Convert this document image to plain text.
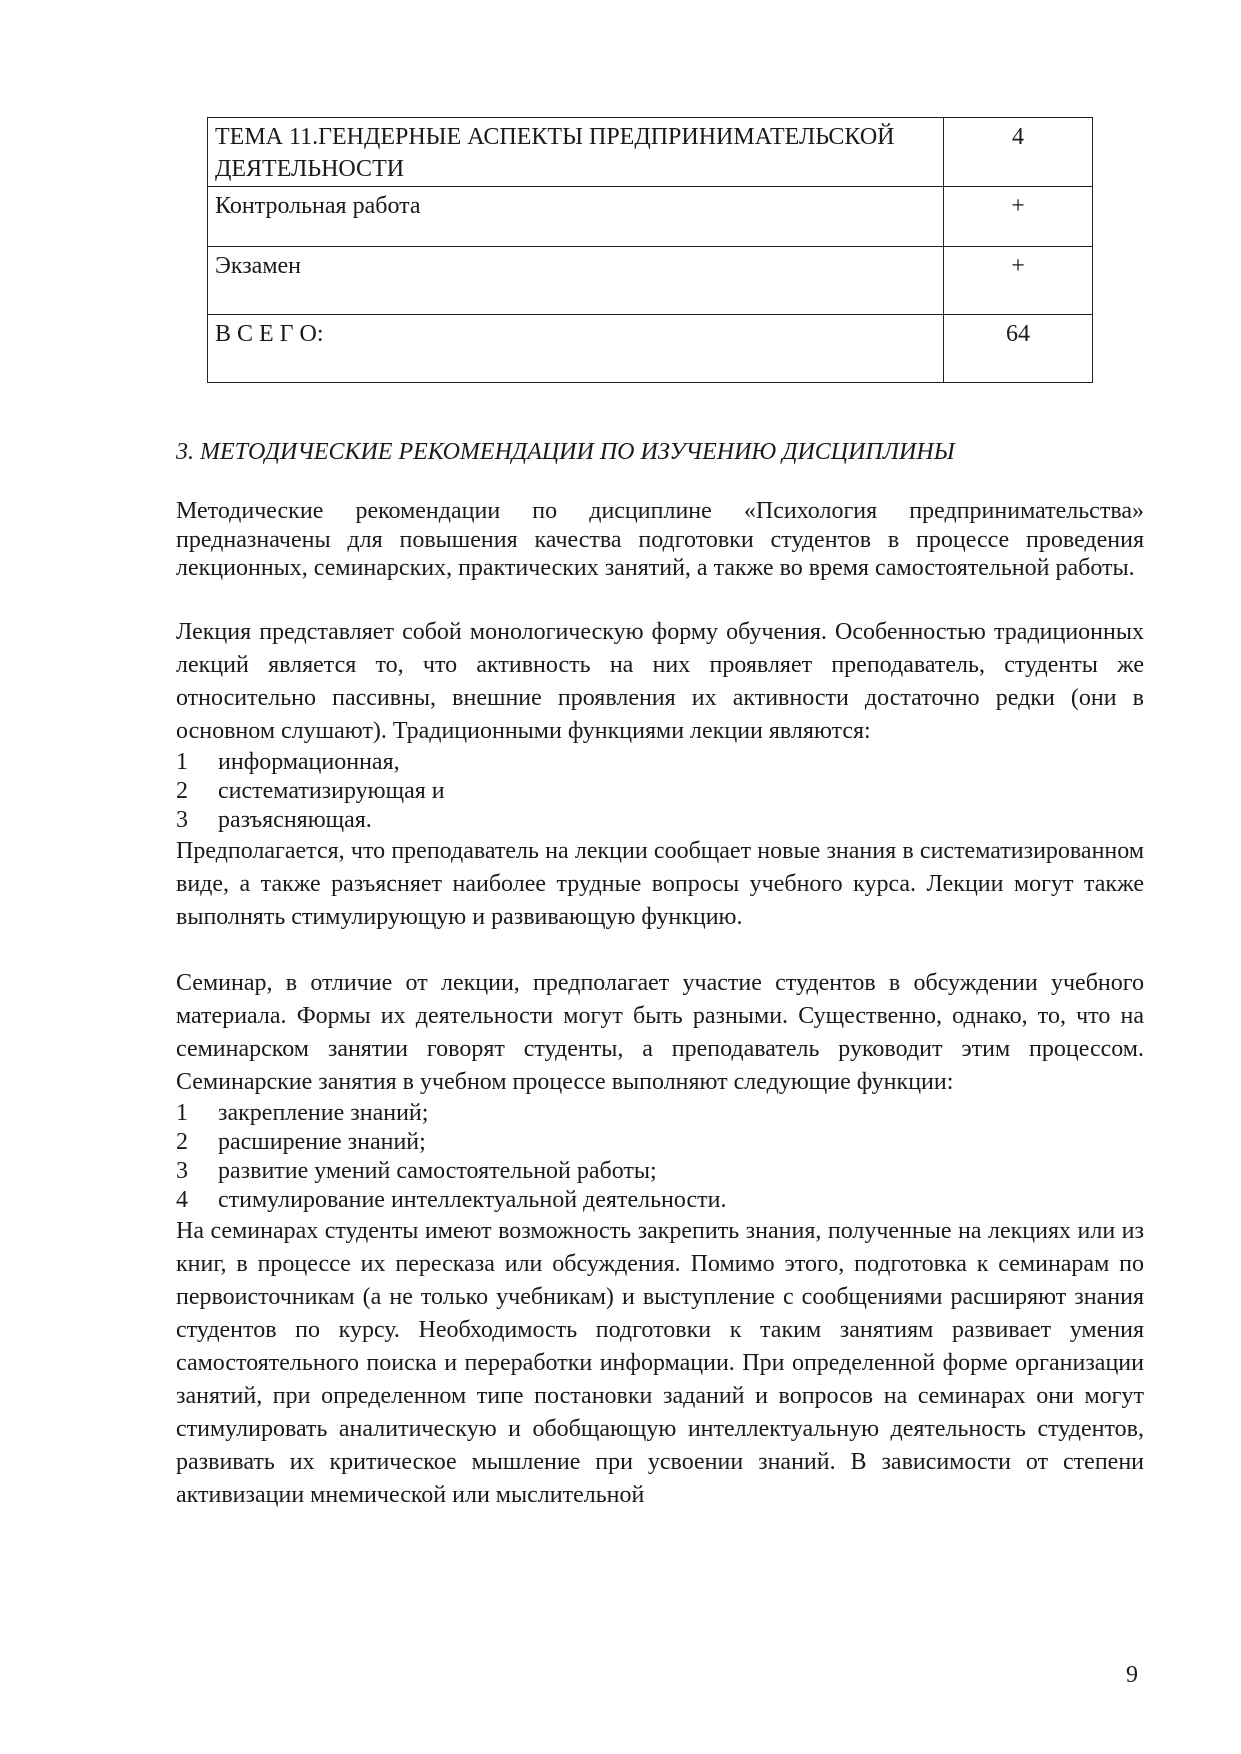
ТЕМА 11.ГЕНДЕРНЫЕ АСПЕКТЫ ПРЕДПРИНИМАТЕЛЬСКОЙ ДЕЯТЕЛЬНОСТИ	4
Контрольная работа	+
Экзамен	+
В С Е Г О:	64
3. МЕТОДИЧЕСКИЕ РЕКОМЕНДАЦИИ ПО ИЗУЧЕНИЮ ДИСЦИПЛИНЫ

Методические рекомендации по дисциплине «Психология предпринимательства» предназначены для повышения качества подготовки студентов в процессе проведения лекционных, семинарских, практических занятий, а также во время самостоятельной работы.

Лекция представляет собой монологическую форму обучения. Особенностью традиционных лекций является то, что активность на них проявляет преподаватель, студенты же относительно пассивны, внешние проявления их активности достаточно редки (они в основном слушают). Традиционными функциями лекции являются:

1	информационная,
2	систематизирующая и
3	разъясняющая.

Предполагается, что преподаватель на лекции сообщает новые знания в систематизированном виде, а также разъясняет наиболее трудные вопросы учебного курса. Лекции могут также выполнять стимулирующую и развивающую функцию.

Семинар, в отличие от лекции, предполагает участие студентов в обсуждении учебного материала. Формы их деятельности могут быть разными. Существенно, однако, то, что на семинарском занятии говорят студенты, а преподаватель руководит этим процессом. Семинарские занятия в учебном процессе выполняют следующие функции:

1	закрепление знаний;
2	расширение знаний;
3	развитие умений самостоятельной работы;
4	стимулирование интеллектуальной деятельности.

На семинарах студенты имеют возможность закрепить знания, полученные на лекциях или из книг, в процессе их пересказа или обсуждения. Помимо этого, подготовка к семинарам по первоисточникам (а не только учебникам) и выступление с сообщениями расширяют знания студентов по курсу. Необходимость подготовки к таким занятиям развивает умения самостоятельного поиска и переработки информации. При определенной форме организации занятий, при определенном типе постановки заданий и вопросов на семинарах они могут стимулировать аналитическую и обобщающую интеллектуальную деятельность студентов, развивать их критическое мышление при усвоении знаний. В зависимости от степени активизации мнемической или мыслительной

9
